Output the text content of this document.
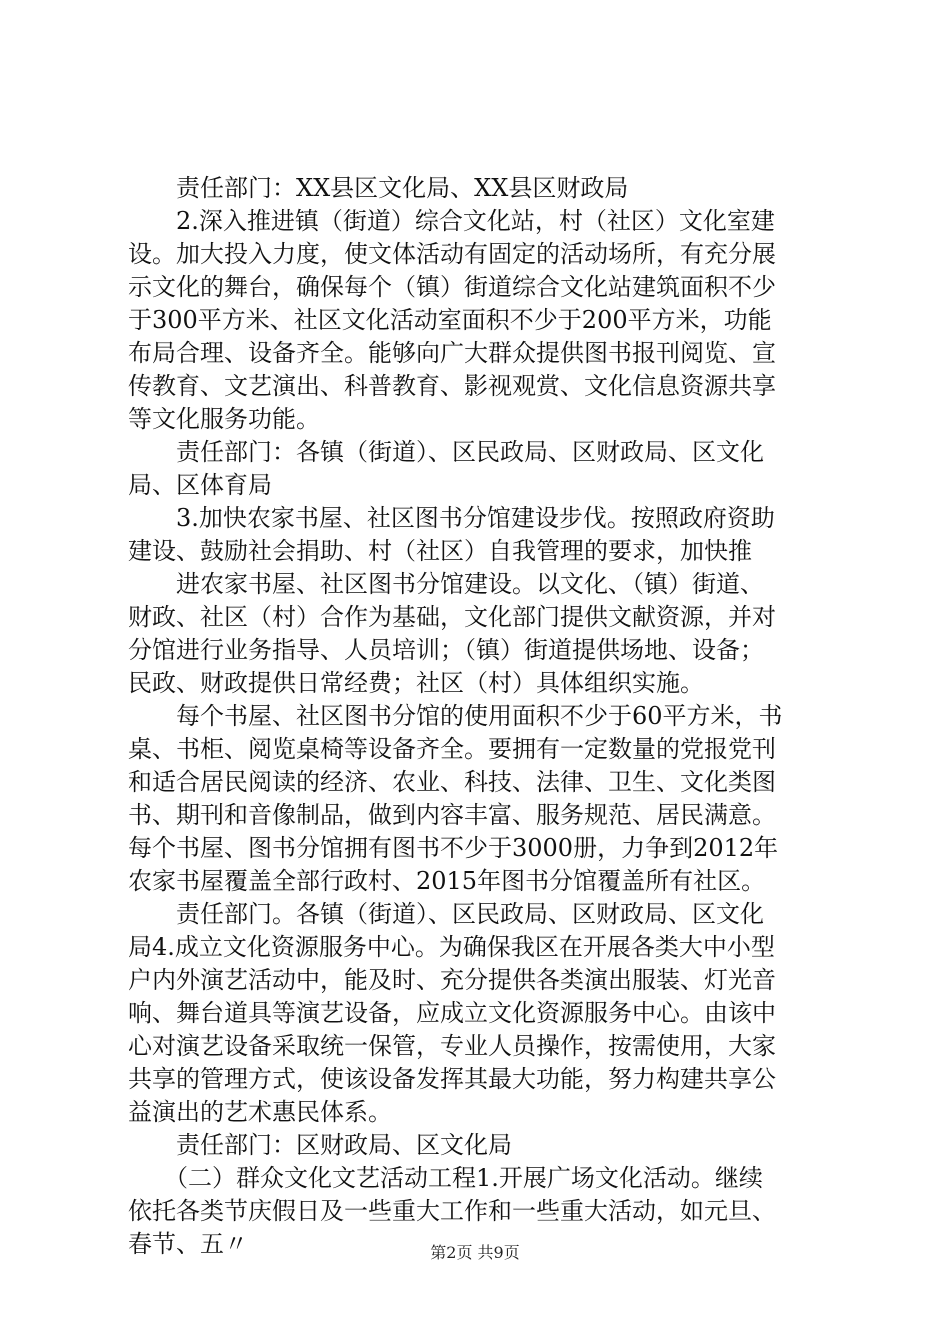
　　责任部门：XX县区文化局、XX县区财政局
　　2.深入推进镇（街道）综合文化站，村（社区）文化室建
设。加大投入力度，使文体活动有固定的活动场所，有充分展
示文化的舞台，确保每个（镇）街道综合文化站建筑面积不少
于300平方米、社区文化活动室面积不少于200平方米，功能
布局合理、设备齐全。能够向广大群众提供图书报刊阅览、宣
传教育、文艺演出、科普教育、影视观赏、文化信息资源共享
等文化服务功能。
　　责任部门：各镇（街道）、区民政局、区财政局、区文化
局、区体育局
　　3.加快农家书屋、社区图书分馆建设步伐。按照政府资助
建设、鼓励社会捐助、村（社区）自我管理的要求，加快推
　　进农家书屋、社区图书分馆建设。以文化、（镇）街道、
财政、社区（村）合作为基础，文化部门提供文献资源，并对
分馆进行业务指导、人员培训；（镇）街道提供场地、设备；
民政、财政提供日常经费；社区（村）具体组织实施。
　　每个书屋、社区图书分馆的使用面积不少于60平方米，书
桌、书柜、阅览桌椅等设备齐全。要拥有一定数量的党报党刊
和适合居民阅读的经济、农业、科技、法律、卫生、文化类图
书、期刊和音像制品，做到内容丰富、服务规范、居民满意。
每个书屋、图书分馆拥有图书不少于3000册，力争到2012年
农家书屋覆盖全部行政村、2015年图书分馆覆盖所有社区。
　　责任部门。各镇（街道）、区民政局、区财政局、区文化
局4.成立文化资源服务中心。为确保我区在开展各类大中小型
户内外演艺活动中，能及时、充分提供各类演出服装、灯光音
响、舞台道具等演艺设备，应成立文化资源服务中心。由该中
心对演艺设备采取统一保管，专业人员操作，按需使用，大家
共享的管理方式，使该设备发挥其最大功能，努力构建共享公
益演出的艺术惠民体系。
　　责任部门：区财政局、区文化局
　　（二）群众文化文艺活动工程1.开展广场文化活动。继续
依托各类节庆假日及一些重大工作和一些重大活动，如元旦、
春节、五〃	第2页 共9页
